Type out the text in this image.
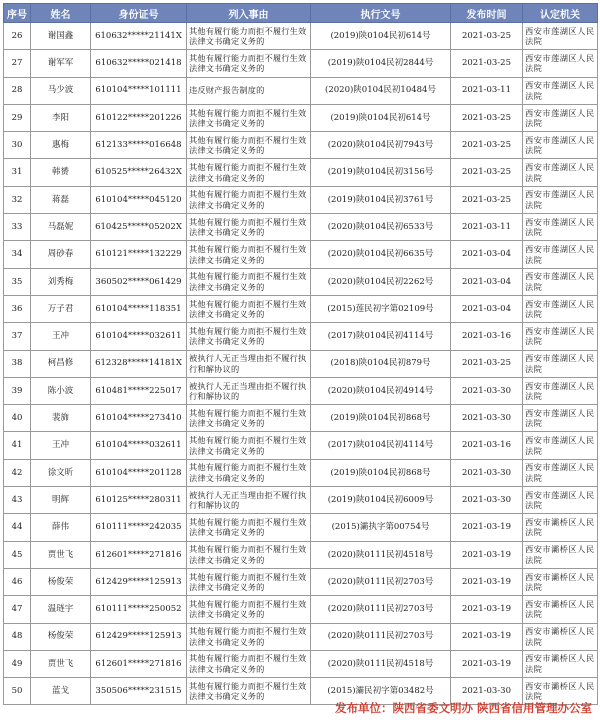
序号	姓名	身份证号	列入事由	执行文号	发布时间	认定机关
26	谢国鑫	610632*****21141X	其他有履行能力而拒不履行生效法律文书确定义务的	(2019)陕0104民初614号	2021-03-25	西安市莲湖区人民法院
27	谢军军	610632*****021418	其他有履行能力而拒不履行生效法律文书确定义务的	(2019)陕0104民初2844号	2021-03-25	西安市莲湖区人民法院
28	马少波	610104*****101111	违反财产报告制度的	(2020)陕0104民初10484号	2021-03-11	西安市莲湖区人民法院
29	李阳	610122*****201226	其他有履行能力而拒不履行生效法律文书确定义务的	(2019)陕0104民初614号	2021-03-25	西安市莲湖区人民法院
30	惠梅	612133*****016648	其他有履行能力而拒不履行生效法律文书确定义务的	(2020)陕0104民初7943号	2021-03-25	西安市莲湖区人民法院
31	韩赟	610525*****26432X	其他有履行能力而拒不履行生效法律文书确定义务的	(2019)陕0104民初3156号	2021-03-25	西安市莲湖区人民法院
32	蒋磊	610104*****045120	其他有履行能力而拒不履行生效法律文书确定义务的	(2019)陕0104民初3761号	2021-03-25	西安市莲湖区人民法院
33	马磊妮	610425*****05202X	其他有履行能力而拒不履行生效法律文书确定义务的	(2020)陕0104民初6533号	2021-03-11	西安市莲湖区人民法院
34	周砂春	610121*****132229	其他有履行能力而拒不履行生效法律文书确定义务的	(2020)陕0104民初6635号	2021-03-04	西安市莲湖区人民法院
35	刘秀梅	360502*****061429	其他有履行能力而拒不履行生效法律文书确定义务的	(2020)陕0104民初2262号	2021-03-04	西安市莲湖区人民法院
36	万子君	610104*****118351	其他有履行能力而拒不履行生效法律文书确定义务的	(2015)莲民初字第02109号	2021-03-04	西安市莲湖区人民法院
37	王冲	610104*****032611	其他有履行能力而拒不履行生效法律文书确定义务的	(2017)陕0104民初4114号	2021-03-16	西安市莲湖区人民法院
38	柯昌修	612328*****14181X	被执行人无正当理由拒不履行执行和解协议的	(2018)陕0104民初879号	2021-03-25	西安市莲湖区人民法院
39	陈小波	610481*****225017	被执行人无正当理由拒不履行执行和解协议的	(2020)陕0104民初4914号	2021-03-30	西安市莲湖区人民法院
40	裴旆	610104*****273410	其他有履行能力而拒不履行生效法律文书确定义务的	(2019)陕0104民初868号	2021-03-30	西安市莲湖区人民法院
41	王冲	610104*****032611	其他有履行能力而拒不履行生效法律文书确定义务的	(2017)陕0104民初4114号	2021-03-16	西安市莲湖区人民法院
42	徐文昕	610104*****201128	其他有履行能力而拒不履行生效法律文书确定义务的	(2019)陕0104民初868号	2021-03-30	西安市莲湖区人民法院
43	明辉	610125*****280311	被执行人无正当理由拒不履行执行和解协议的	(2019)陕0104民初6009号	2021-03-30	西安市莲湖区人民法院
44	薛伟	610111*****242035	其他有履行能力而拒不履行生效法律文书确定义务的	(2015)灞执字第00754号	2021-03-19	西安市灞桥区人民法院
45	贾世飞	612601*****271816	其他有履行能力而拒不履行生效法律文书确定义务的	(2020)陕0111民初4518号	2021-03-19	西安市灞桥区人民法院
46	杨俊荣	612429*****125913	其他有履行能力而拒不履行生效法律文书确定义务的	(2020)陕0111民初2703号	2021-03-19	西安市灞桥区人民法院
47	温琏宇	610111*****250052	其他有履行能力而拒不履行生效法律文书确定义务的	(2020)陕0111民初2703号	2021-03-19	西安市灞桥区人民法院
48	杨俊荣	612429*****125913	其他有履行能力而拒不履行生效法律文书确定义务的	(2020)陕0111民初2703号	2021-03-19	西安市灞桥区人民法院
49	贾世飞	612601*****271816	其他有履行能力而拒不履行生效法律文书确定义务的	(2020)陕0111民初4518号	2021-03-19	西安市灞桥区人民法院
50	蓝戈	350506*****231515	其他有履行能力而拒不履行生效法律文书确定义务的	(2015)灞民初字第03482号	2021-03-30	西安市灞桥区人民法院
发布单位：陕西省委文明办 陕西省信用管理办公室
